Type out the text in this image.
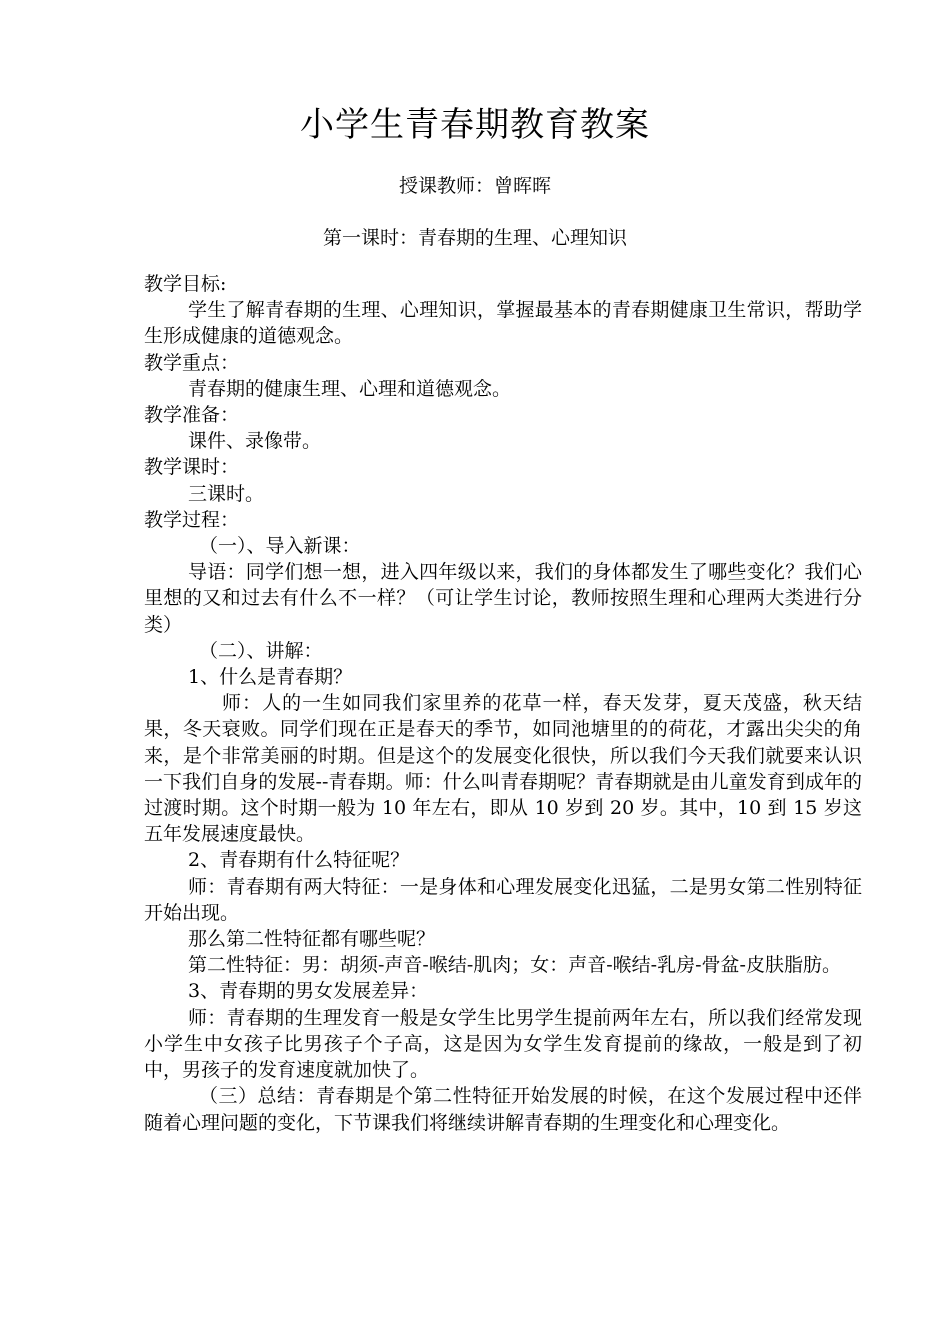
小学生青春期教育教案
授课教师：曾晖晖
第一课时：青春期的生理、心理知识

教学目标:

学生了解青春期的生理、心理知识，掌握最基本的青春期健康卫生常识，帮助学生形成健康的道德观念。

教学重点：

青春期的健康生理、心理和道德观念。

教学准备：

课件、录像带。

教学课时：

三课时。

教学过程：

（一）、导入新课：

导语：同学们想一想，进入四年级以来，我们的身体都发生了哪些变化？我们心里想的又和过去有什么不一样？（可让学生讨论，教师按照生理和心理两大类进行分类）

（二）、讲解：

1、什么是青春期？

师：人的一生如同我们家里养的花草一样，春天发芽，夏天茂盛，秋天结果，冬天衰败。同学们现在正是春天的季节，如同池塘里的的荷花，才露出尖尖的角来，是个非常美丽的时期。但是这个的发展变化很快，所以我们今天我们就要来认识一下我们自身的发展--青春期。师：什么叫青春期呢？青春期就是由儿童发育到成年的过渡时期。这个时期一般为 10 年左右，即从 10 岁到 20 岁。其中，10 到 15 岁这五年发展速度最快。

2、青春期有什么特征呢？

师：青春期有两大特征：一是身体和心理发展变化迅猛，二是男女第二性别特征开始出现。

那么第二性特征都有哪些呢？

第二性特征：男：胡须-声音-喉结-肌肉；女：声音-喉结-乳房-骨盆-皮肤脂肪。

3、青春期的男女发展差异：

师：青春期的生理发育一般是女学生比男学生提前两年左右，所以我们经常发现小学生中女孩子比男孩子个子高，这是因为女学生发育提前的缘故，一般是到了初中，男孩子的发育速度就加快了。

（三）总结：青春期是个第二性特征开始发展的时候，在这个发展过程中还伴随着心理问题的变化，下节课我们将继续讲解青春期的生理变化和心理变化。
